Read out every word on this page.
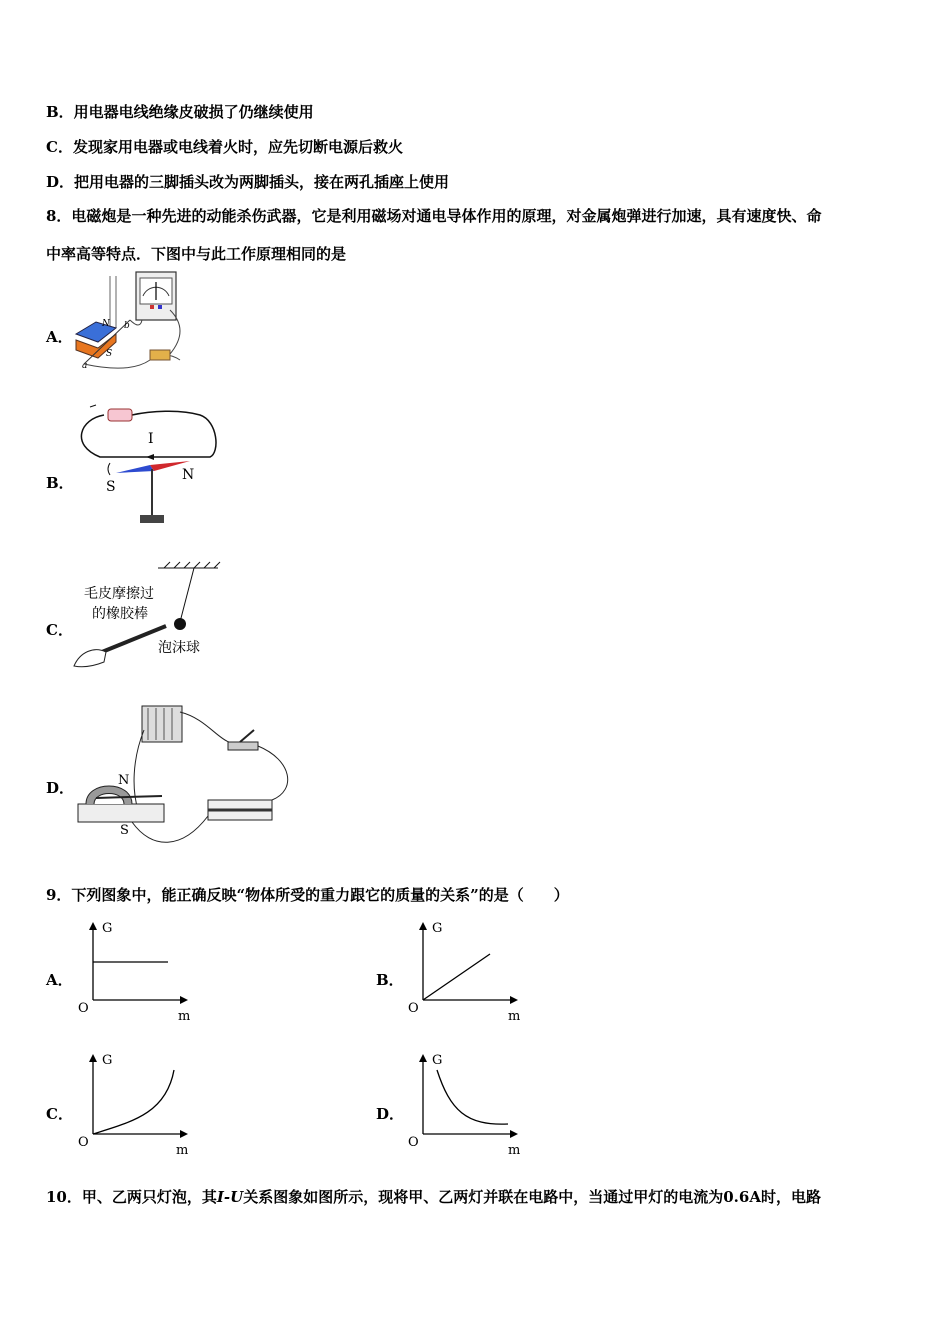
B．用电器电线绝缘皮破损了仍继续使用
C．发现家用电器或电线着火时，应先切断电源后救火
D．把用电器的三脚插头改为两脚插头，接在两孔插座上使用
8．电磁炮是一种先进的动能杀伤武器，它是利用磁场对通电导体作用的原理，对金属炮弹进行加速，具有速度快、命
中率高等特点．下图中与此工作原理相同的是
A．
N
S
a
b
B．
I
S
N
C．
毛皮摩擦过
的橡胶棒
泡沫球
D．	N
S
9．下列图象中，能正确反映“物体所受的重力跟它的质量的关系”的是（　　）
A．
G
m
O
B．
G
m
O
C．
G
m
O
D．
G
m
O
10．甲、乙两只灯泡，其I-U关系图象如图所示，现将甲、乙两灯并联在电路中，当通过甲灯的电流为0.6A时，电路
